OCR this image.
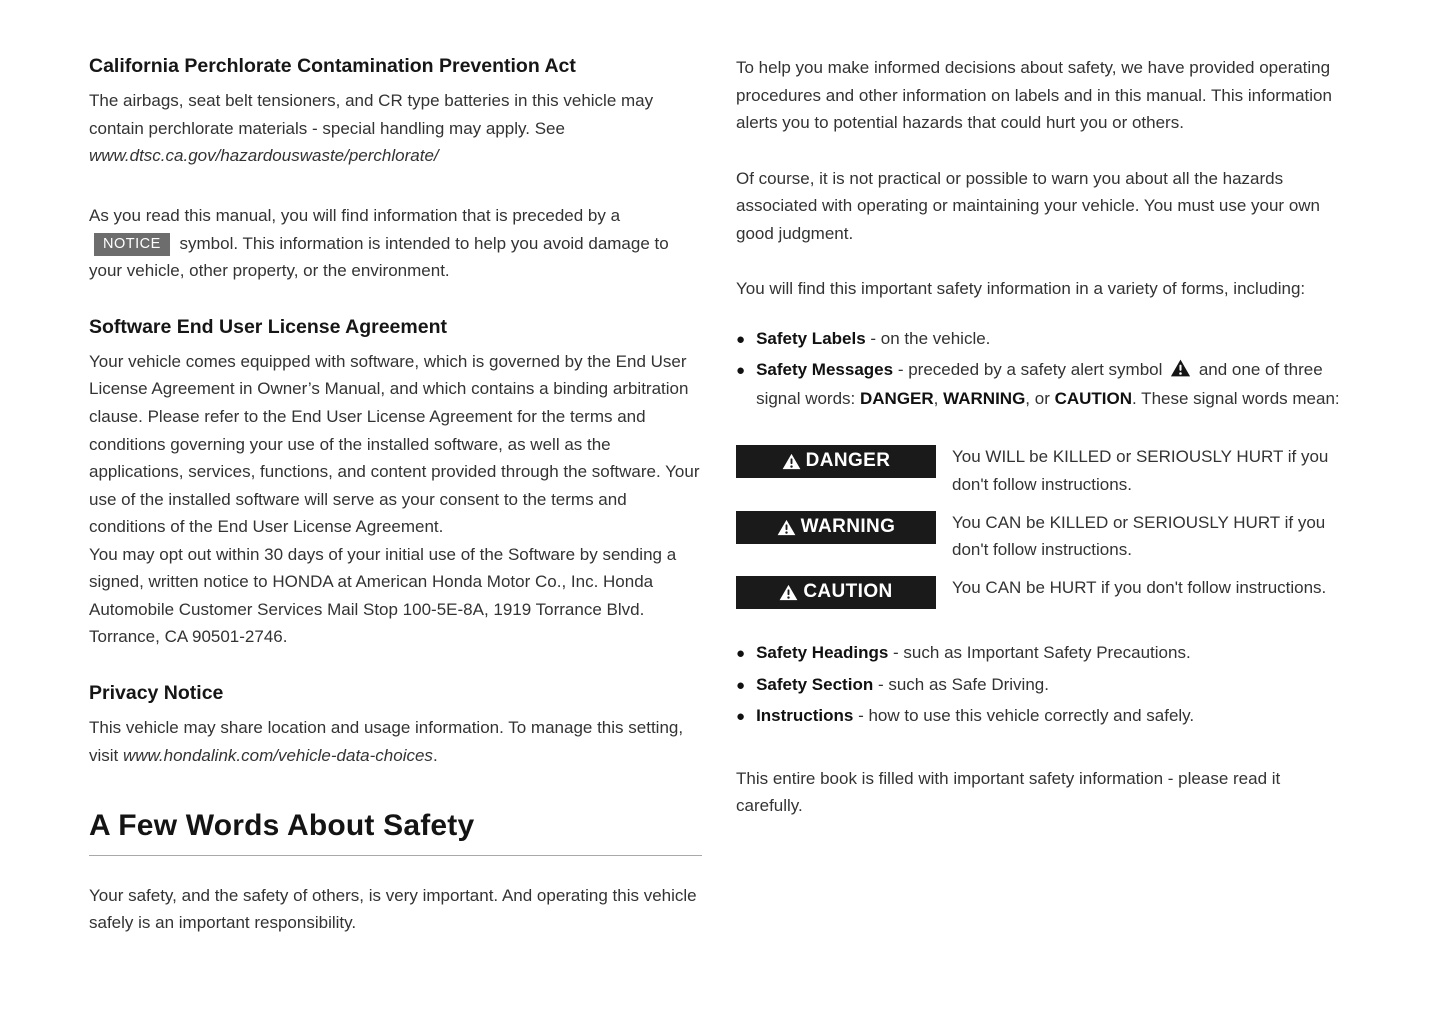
California Perchlorate Contamination Prevention Act

The airbags, seat belt tensioners, and CR type batteries in this vehicle may contain perchlorate materials - special handling may apply. See www.dtsc.ca.gov/hazardouswaste/perchlorate/

As you read this manual, you will find information that is preceded by a NOTICE symbol. This information is intended to help you avoid damage to your vehicle, other property, or the environment.

Software End User License Agreement

Your vehicle comes equipped with software, which is governed by the End User License Agreement in Owner’s Manual, and which contains a binding arbitration clause. Please refer to the End User License Agreement for the terms and conditions governing your use of the installed software, as well as the applications, services, functions, and content provided through the software. Your use of the installed software will serve as your consent to the terms and conditions of the End User License Agreement.
You may opt out within 30 days of your initial use of the Software by sending a signed, written notice to HONDA at American Honda Motor Co., Inc. Honda Automobile Customer Services Mail Stop 100-5E-8A, 1919 Torrance Blvd. Torrance, CA 90501-2746.

Privacy Notice

This vehicle may share location and usage information. To manage this setting, visit www.hondalink.com/vehicle-data-choices.

A Few Words About Safety

Your safety, and the safety of others, is very important. And operating this vehicle safely is an important responsibility.

To help you make informed decisions about safety, we have provided operating procedures and other information on labels and in this manual. This information alerts you to potential hazards that could hurt you or others.

Of course, it is not practical or possible to warn you about all the hazards associated with operating or maintaining your vehicle. You must use your own good judgment.

You will find this important safety information in a variety of forms, including:

●
Safety Labels - on the vehicle.
●
Safety Messages - preceded by a safety alert symbol  and one of three signal words: DANGER, WARNING, or CAUTION. These signal words mean:
DANGER	You WILL be KILLED or SERIOUSLY HURT if you don't follow instructions.

WARNING	You CAN be KILLED or SERIOUSLY HURT if you don't follow instructions.

CAUTION	You CAN be HURT if you don't follow instructions.

●
Safety Headings - such as Important Safety Precautions.
●
Safety Section - such as Safe Driving.
●
Instructions - how to use this vehicle correctly and safely.

This entire book is filled with important safety information - please read it carefully.
